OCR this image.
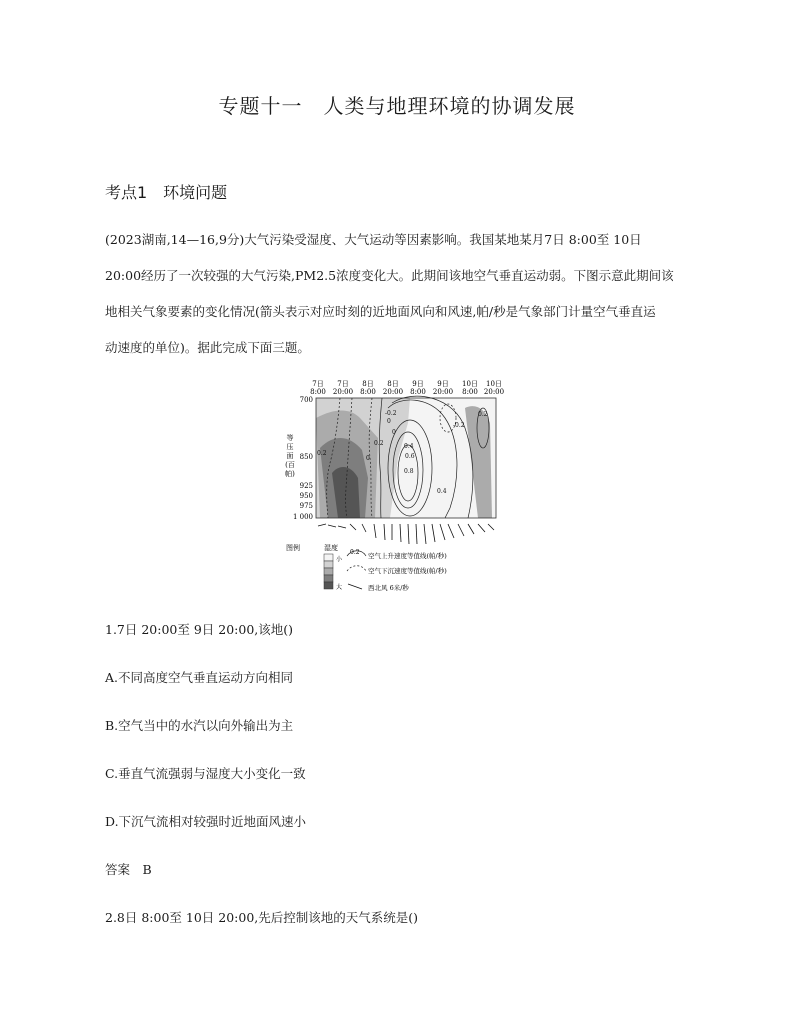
专题十一　人类与地理环境的协调发展
考点1　环境问题

(2023湖南,14—16,9分)大气污染受湿度、大气运动等因素影响。我国某地某月7日 8:00至 10日

20:00经历了一次较强的大气污染,PM2.5浓度变化大。此期间该地空气垂直运动弱。下图示意此期间该

地相关气象要素的变化情况(箭头表示对应时刻的近地面风向和风速,帕/秒是气象部门计量空气垂直运

动速度的单位)。据此完成下面三题。

7日
8:00
7日
20:00
8日
8:00
8日
20:00
9日
8:00
9日
20:00
10日
8:00
10日
20:00
700
850
925
950
975
1 000
等
压
面
(百
帕)
0.2
0
-0.2
-0.2
0
0.2	0.4
0.6
0.8
0.4
0.2
0
图例	湿度
小
大
0.2 空气上升速度等值线(帕/秒)
空气下沉速度等值线(帕/秒)
西北风 6米/秒
1.7日 20:00至 9日 20:00,该地()
A.不同高度空气垂直运动方向相同
B.空气当中的水汽以向外输出为主
C.垂直气流强弱与湿度大小变化一致
D.下沉气流相对较强时近地面风速小
答案　B
2.8日 8:00至 10日 20:00,先后控制该地的天气系统是()
